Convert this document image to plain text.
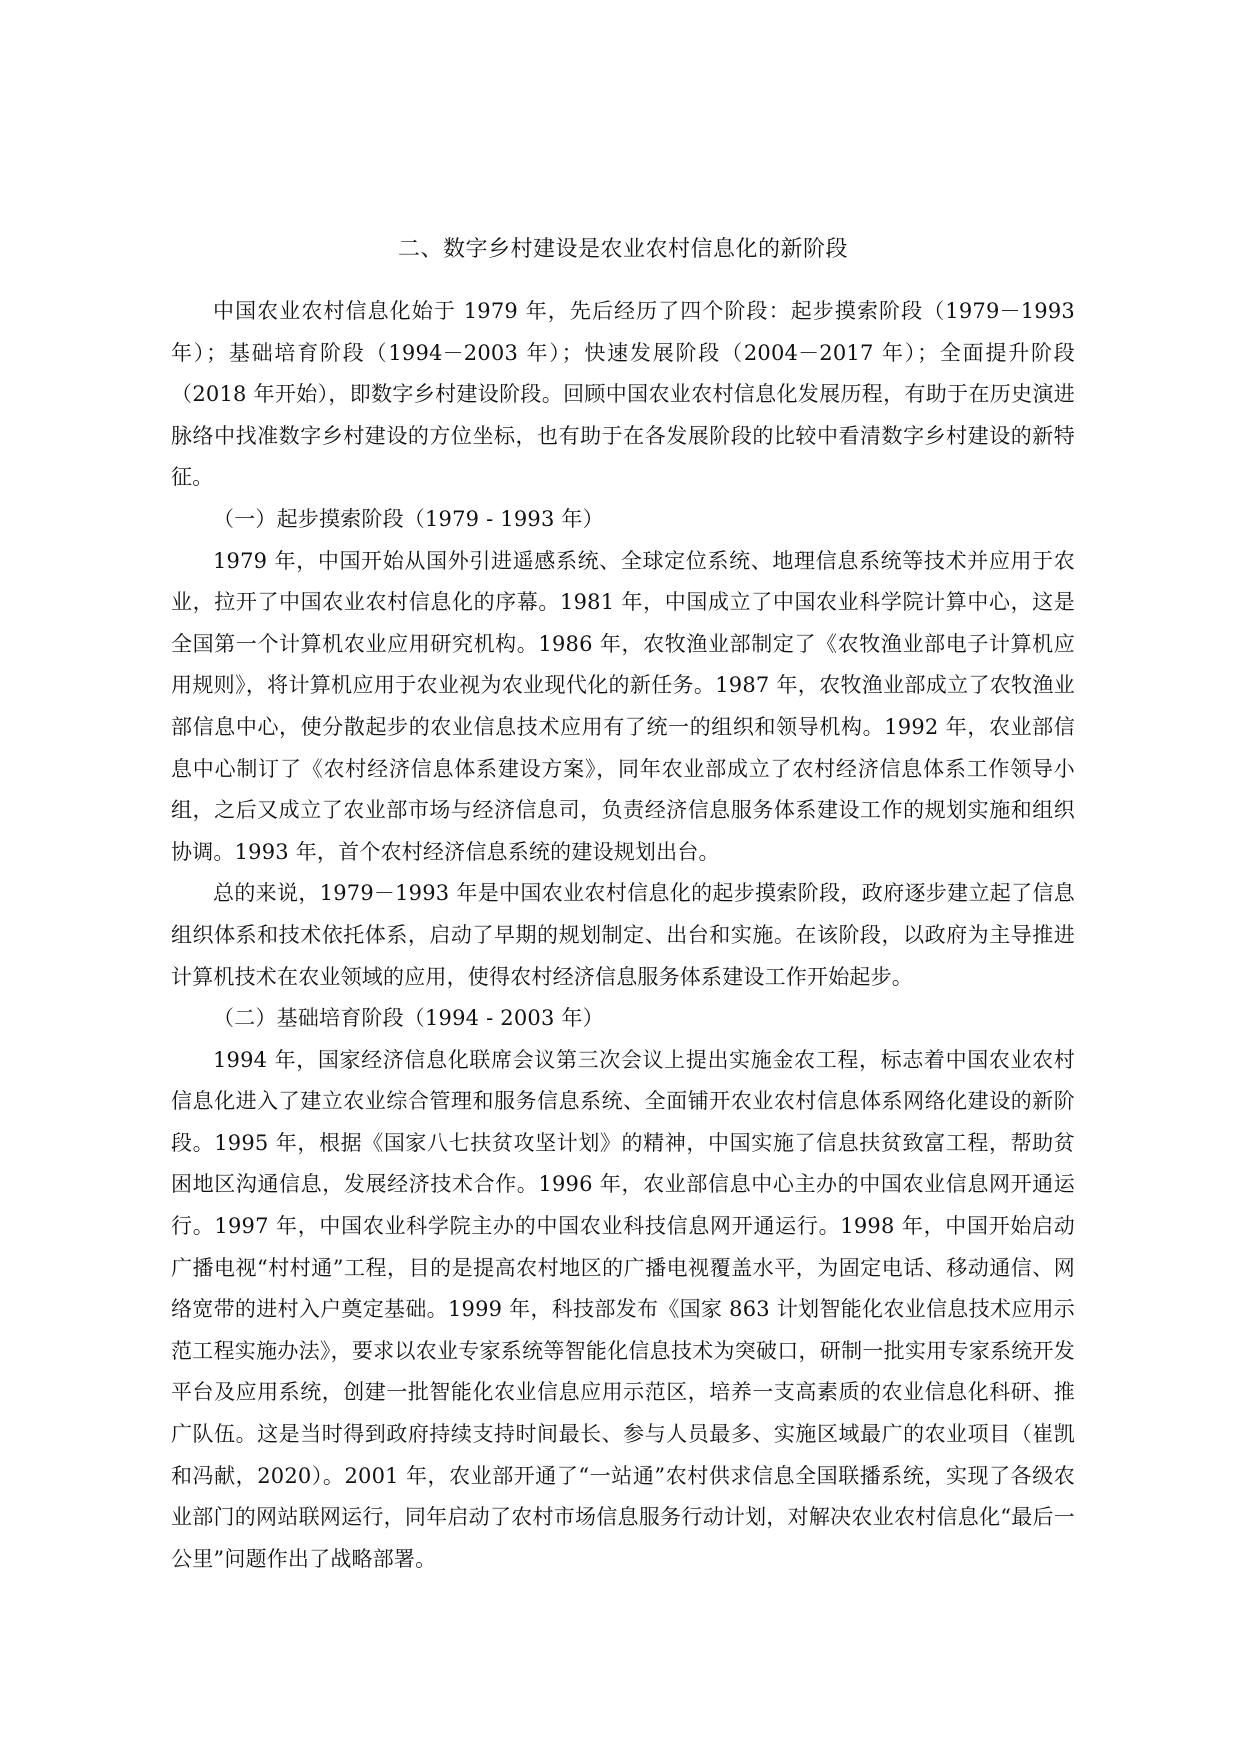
二、数字乡村建设是农业农村信息化的新阶段

中国农业农村信息化始于 1979 年，先后经历了四个阶段：起步摸索阶段（1979－1993 年）；基础培育阶段（1994－2003 年）；快速发展阶段（2004－2017 年）；全面提升阶段（2018 年开始），即数字乡村建设阶段。回顾中国农业农村信息化发展历程，有助于在历史演进脉络中找准数字乡村建设的方位坐标，也有助于在各发展阶段的比较中看清数字乡村建设的新特征。

（一）起步摸索阶段（1979 - 1993 年）

1979 年，中国开始从国外引进遥感系统、全球定位系统、地理信息系统等技术并应用于农业，拉开了中国农业农村信息化的序幕。1981 年，中国成立了中国农业科学院计算中心，这是全国第一个计算机农业应用研究机构。1986 年，农牧渔业部制定了《农牧渔业部电子计算机应用规则》，将计算机应用于农业视为农业现代化的新任务。1987 年，农牧渔业部成立了农牧渔业部信息中心，使分散起步的农业信息技术应用有了统一的组织和领导机构。1992 年，农业部信息中心制订了《农村经济信息体系建设方案》，同年农业部成立了农村经济信息体系工作领导小组，之后又成立了农业部市场与经济信息司，负责经济信息服务体系建设工作的规划实施和组织协调。1993 年，首个农村经济信息系统的建设规划出台。

总的来说，1979－1993 年是中国农业农村信息化的起步摸索阶段，政府逐步建立起了信息组织体系和技术依托体系，启动了早期的规划制定、出台和实施。在该阶段，以政府为主导推进计算机技术在农业领域的应用，使得农村经济信息服务体系建设工作开始起步。

（二）基础培育阶段（1994 - 2003 年）

1994 年，国家经济信息化联席会议第三次会议上提出实施金农工程，标志着中国农业农村信息化进入了建立农业综合管理和服务信息系统、全面铺开农业农村信息体系网络化建设的新阶段。1995 年，根据《国家八七扶贫攻坚计划》的精神，中国实施了信息扶贫致富工程，帮助贫困地区沟通信息，发展经济技术合作。1996 年，农业部信息中心主办的中国农业信息网开通运行。1997 年，中国农业科学院主办的中国农业科技信息网开通运行。1998 年，中国开始启动广播电视“村村通”工程，目的是提高农村地区的广播电视覆盖水平，为固定电话、移动通信、网络宽带的进村入户奠定基础。1999 年，科技部发布《国家 863 计划智能化农业信息技术应用示范工程实施办法》，要求以农业专家系统等智能化信息技术为突破口，研制一批实用专家系统开发平台及应用系统，创建一批智能化农业信息应用示范区，培养一支高素质的农业信息化科研、推广队伍。这是当时得到政府持续支持时间最长、参与人员最多、实施区域最广的农业项目（崔凯和冯献，2020）。2001 年，农业部开通了“一站通”农村供求信息全国联播系统，实现了各级农业部门的网站联网运行，同年启动了农村市场信息服务行动计划，对解决农业农村信息化“最后一公里”问题作出了战略部署。
